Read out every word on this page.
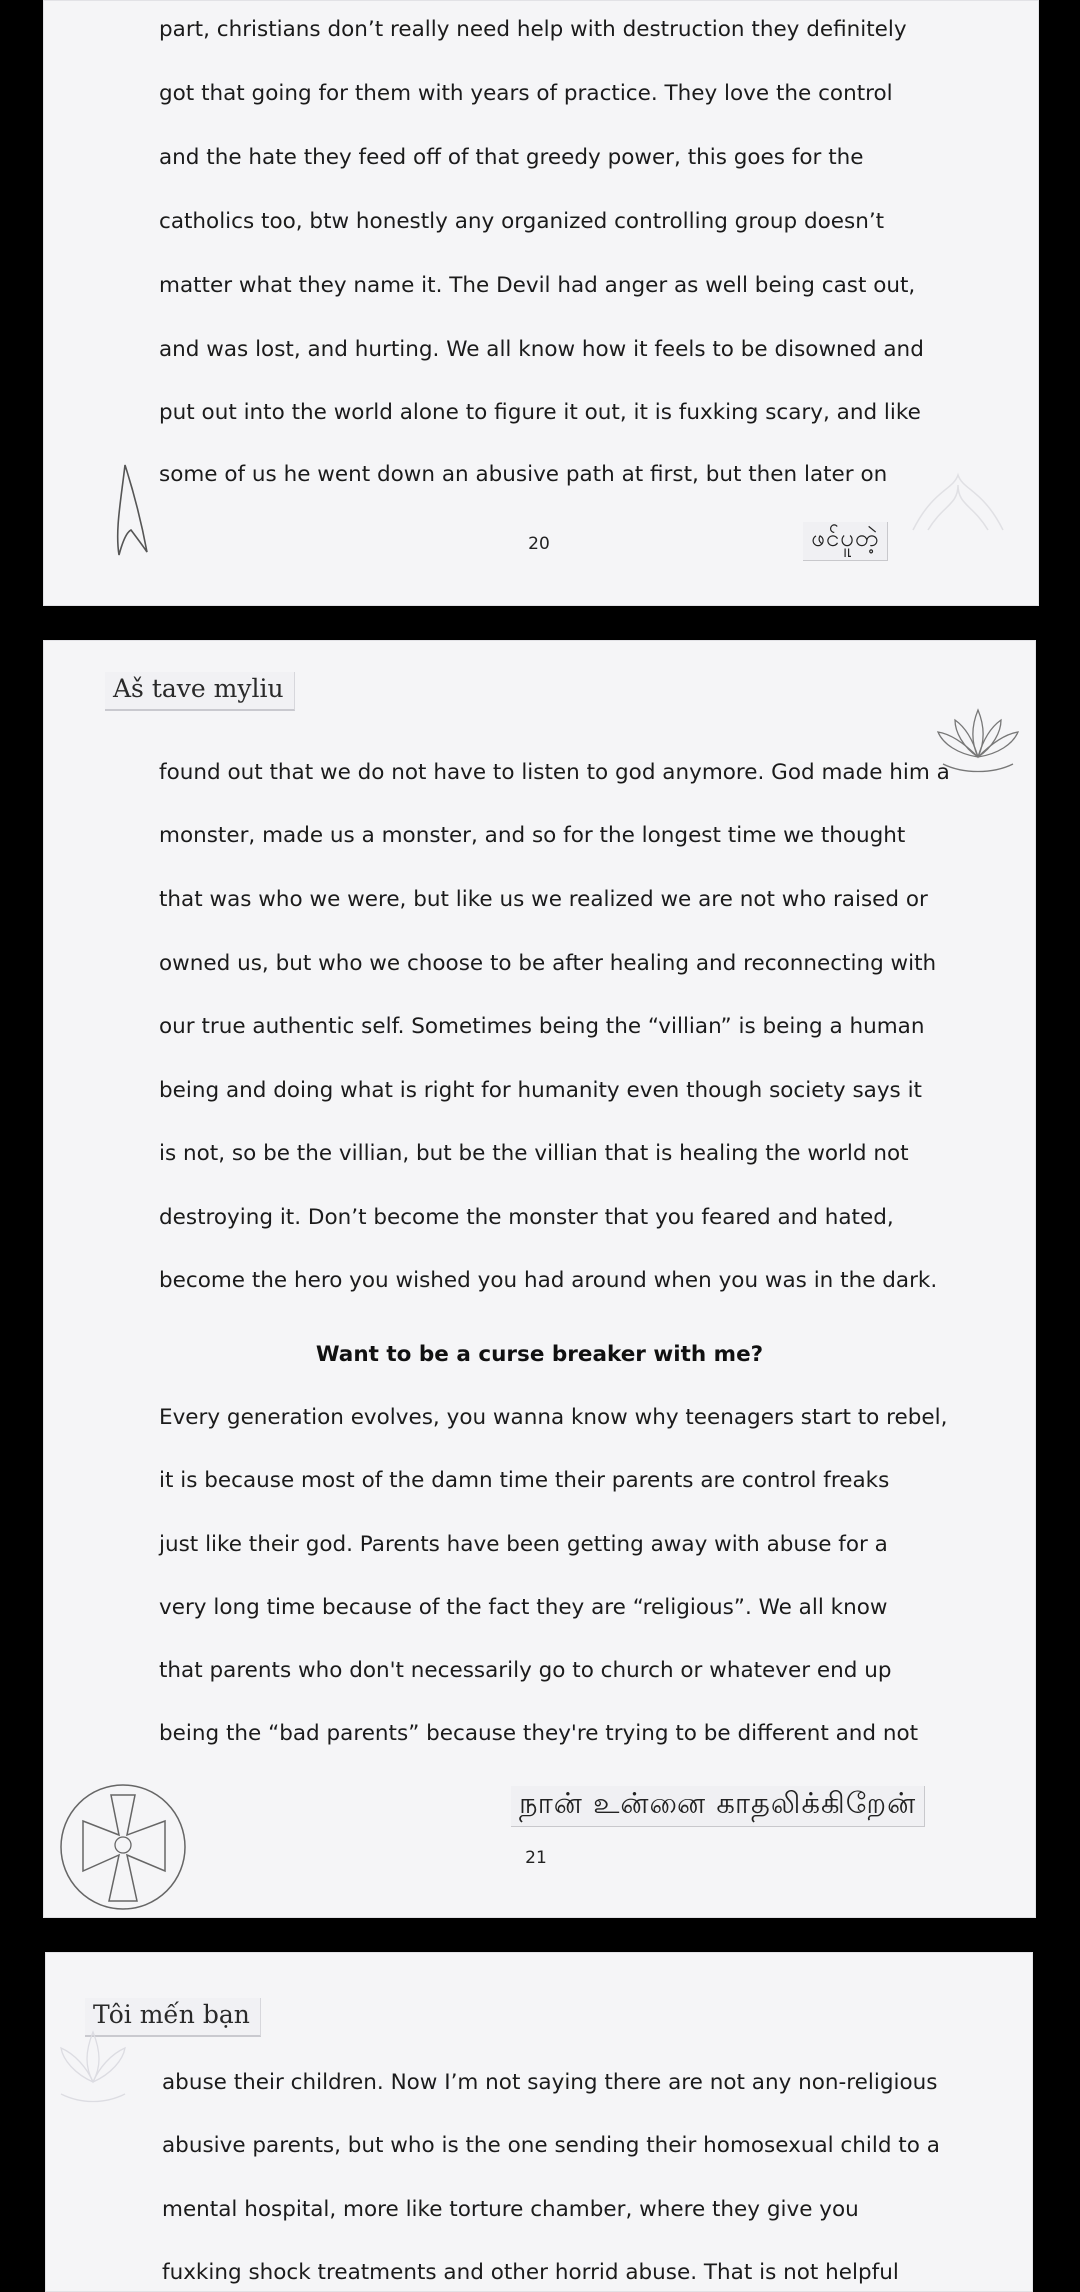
part, christians don’t really need help with destruction they definitely
got that going for them with years of practice. They love the control
and the hate they feed off of that greedy power, this goes for the
catholics too, btw honestly any organized controlling group doesn’t
matter what they name it. The Devil had anger as well being cast out,
and was lost, and hurting. We all know how it feels to be disowned and
put out into the world alone to figure it out, it is fuxking scary, and like
some of us he went down an abusive path at first, but then later on
20	ဖင်ပူတဲ့
Aš tave myliu
found out that we do not have to listen to god anymore. God made him a
monster, made us a monster, and so for the longest time we thought
that was who we were, but like us we realized we are not who raised or
owned us, but who we choose to be after healing and reconnecting with
our true authentic self. Sometimes being the “villian” is being a human
being and doing what is right for humanity even though society says it
is not, so be the villian, but be the villian that is healing the world not
destroying it. Don’t become the monster that you feared and hated,
become the hero you wished you had around when you was in the dark.
Want to be a curse breaker with me?
Every generation evolves, you wanna know why teenagers start to rebel,
it is because most of the damn time their parents are control freaks
just like their god. Parents have been getting away with abuse for a
very long time because of the fact they are “religious”. We all know
that parents who don't necessarily go to church or whatever end up
being the “bad parents” because they're trying to be different and not
நான் உன்னை காதலிக்கிறேன்
21
Tôi mến bạn
abuse their children. Now I’m not saying there are not any non-religious
abusive parents, but who is the one sending their homosexual child to a
mental hospital, more like torture chamber, where they give you
fuxking shock treatments and other horrid abuse. That is not helpful
